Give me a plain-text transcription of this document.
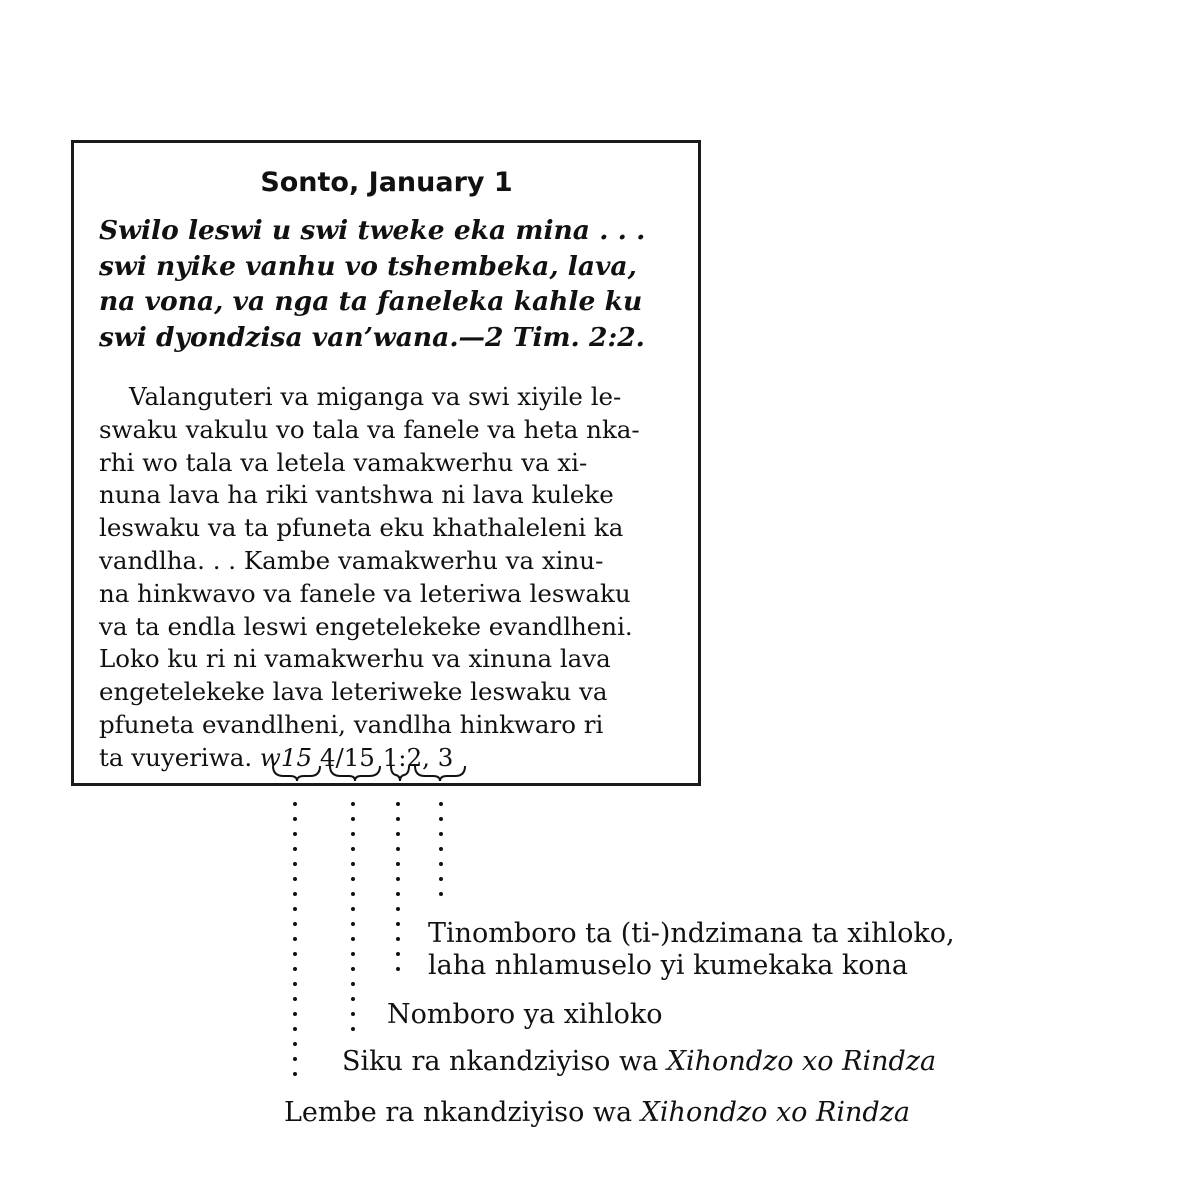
Sonto, January 1
Swilo leswi u swi tweke eka mina . . .
swi nyike vanhu vo tshembeka, lava,
na vona, va nga ta faneleka kahle ku
swi dyondzisa van’wana.—2 Tim. 2:2.
Valanguteri va miganga va swi xiyile le-
swaku vakulu vo tala va fanele va heta nka-
rhi wo tala va letela vamakwerhu va xi-
nuna lava ha riki vantshwa ni lava kuleke
leswaku va ta pfuneta eku khathaleleni ka
vandlha. . . Kambe vamakwerhu va xinu-
na hinkwavo va fanele va leteriwa leswaku
va ta endla leswi engetelekeke evandlheni.
Loko ku ri ni vamakwerhu va xinuna lava
engetelekeke lava leteriweke leswaku va
pfuneta evandlheni, vandlha hinkwaro ri
ta vuyeriwa. w15 4/15 1:2, 3
Tinomboro ta (ti-)ndzimana ta xihloko,
laha nhlamuselo yi kumekaka kona
Nomboro ya xihloko
Siku ra nkandziyiso wa Xihondzo xo Rindza
Lembe ra nkandziyiso wa Xihondzo xo Rindza
